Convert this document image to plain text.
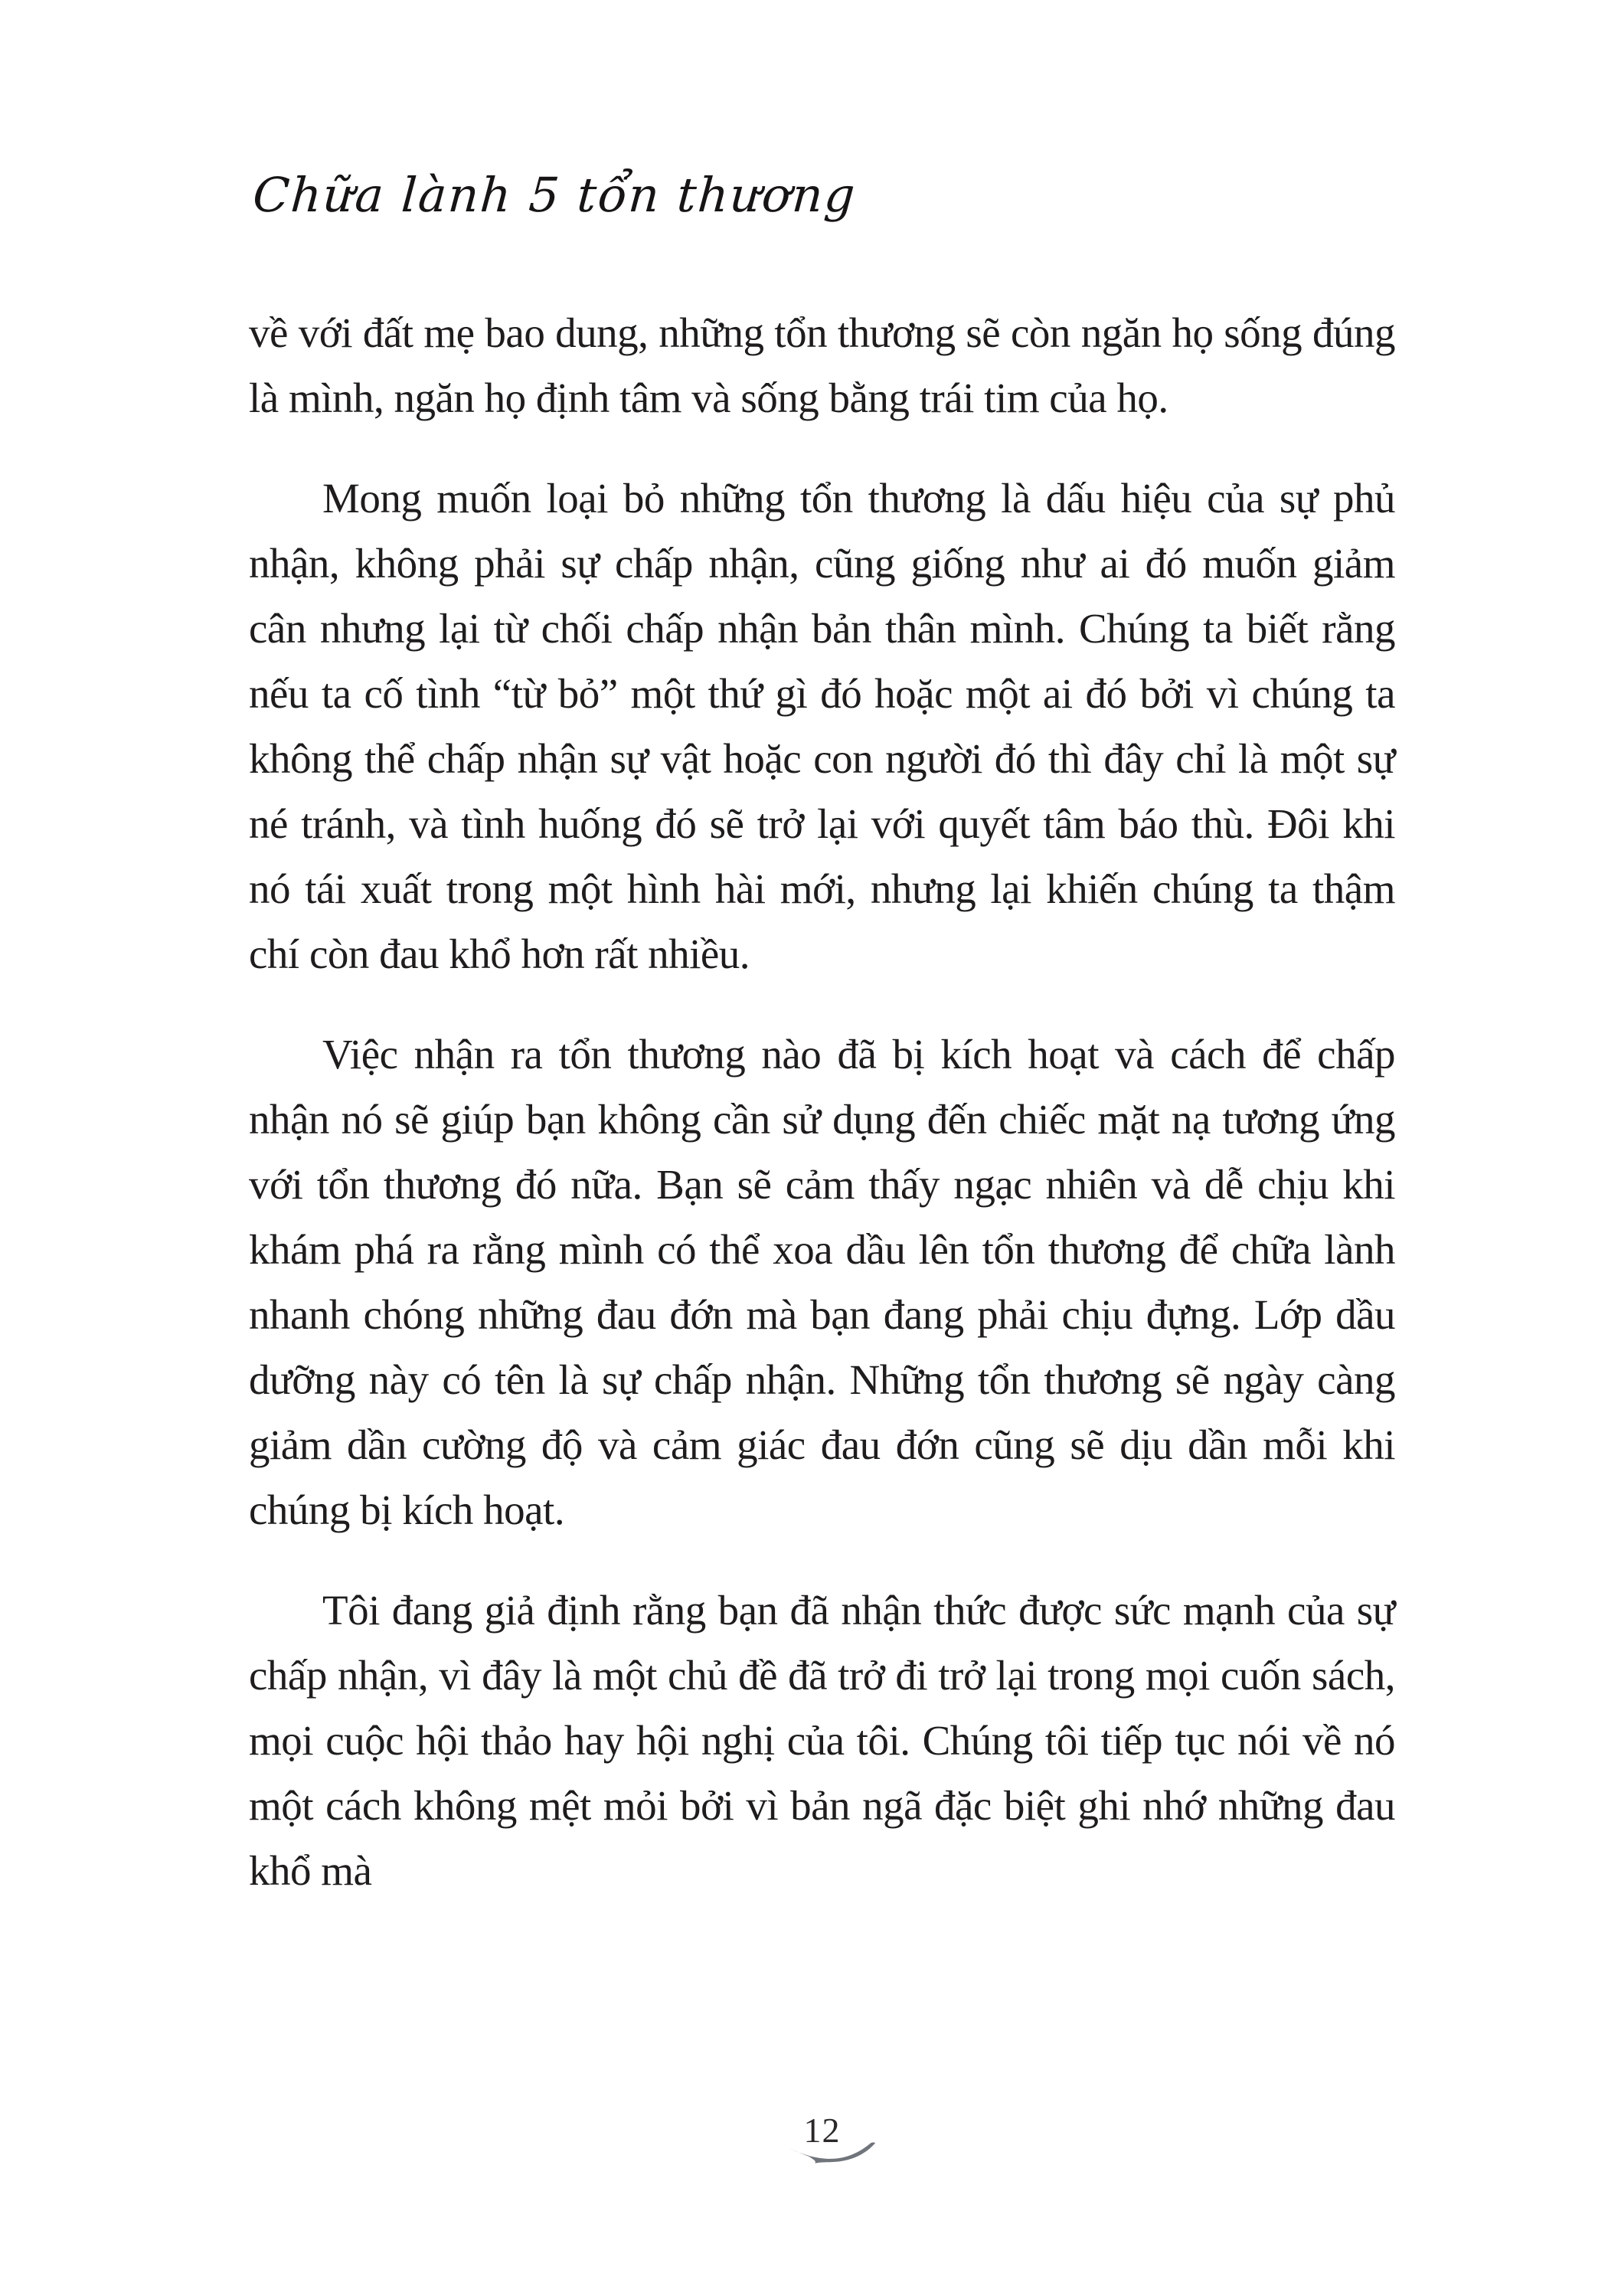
Chữa lành 5 tổn thương

về với đất mẹ bao dung, những tổn thương sẽ còn ngăn họ sống đúng là mình, ngăn họ định tâm và sống bằng trái tim của họ.

Mong muốn loại bỏ những tổn thương là dấu hiệu của sự phủ nhận, không phải sự chấp nhận, cũng giống như ai đó muốn giảm cân nhưng lại từ chối chấp nhận bản thân mình. Chúng ta biết rằng nếu ta cố tình “từ bỏ” một thứ gì đó hoặc một ai đó bởi vì chúng ta không thể chấp nhận sự vật hoặc con người đó thì đây chỉ là một sự né tránh, và tình huống đó sẽ trở lại với quyết tâm báo thù. Đôi khi nó tái xuất trong một hình hài mới, nhưng lại khiến chúng ta thậm chí còn đau khổ hơn rất nhiều.

Việc nhận ra tổn thương nào đã bị kích hoạt và cách để chấp nhận nó sẽ giúp bạn không cần sử dụng đến chiếc mặt nạ tương ứng với tổn thương đó nữa. Bạn sẽ cảm thấy ngạc nhiên và dễ chịu khi khám phá ra rằng mình có thể xoa dầu lên tổn thương để chữa lành nhanh chóng những đau đớn mà bạn đang phải chịu đựng. Lớp dầu dưỡng này có tên là sự chấp nhận. Những tổn thương sẽ ngày càng giảm dần cường độ và cảm giác đau đớn cũng sẽ dịu dần mỗi khi chúng bị kích hoạt.

Tôi đang giả định rằng bạn đã nhận thức được sức mạnh của sự chấp nhận, vì đây là một chủ đề đã trở đi trở lại trong mọi cuốn sách, mọi cuộc hội thảo hay hội nghị của tôi. Chúng tôi tiếp tục nói về nó một cách không mệt mỏi bởi vì bản ngã đặc biệt ghi nhớ những đau khổ mà

12
